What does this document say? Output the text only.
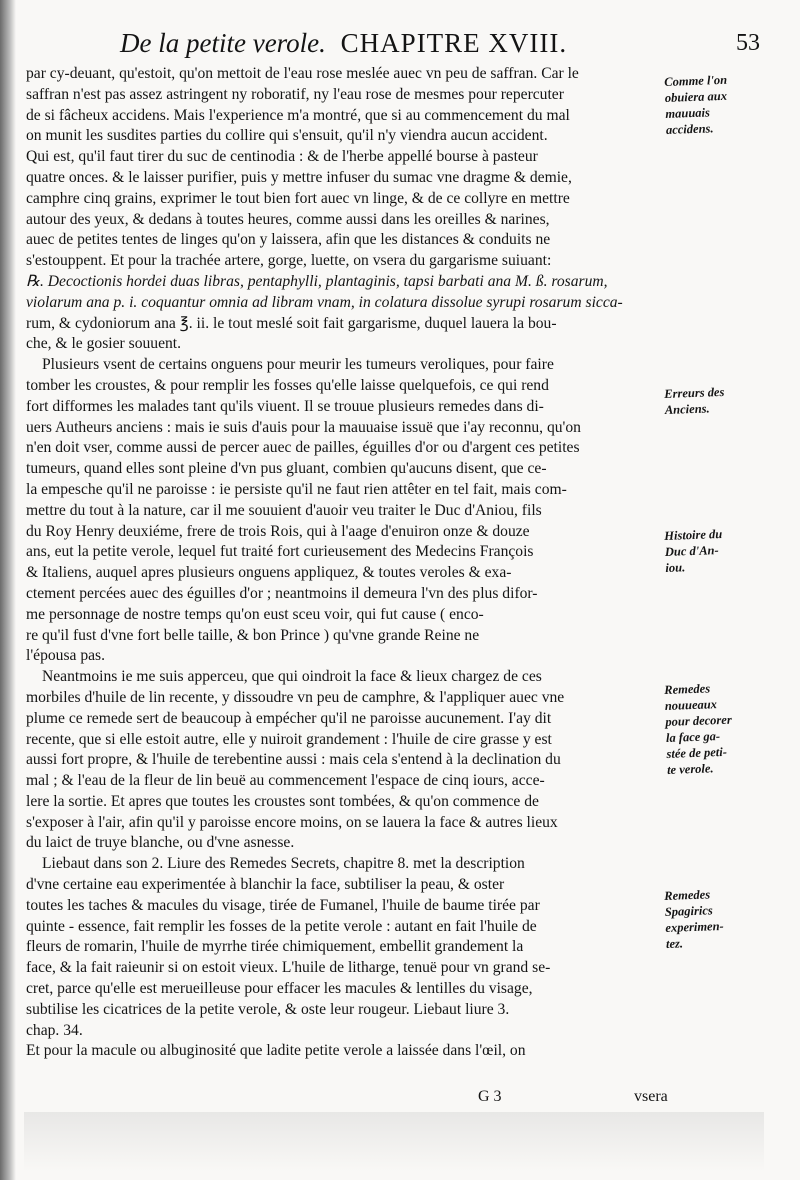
De la petite verole. CHAPITRE XVIII.	53

par cy-deuant, qu'estoit, qu'on mettoit de l'eau rose meslée auec vn peu de saffran. Car le
saffran n'est pas assez astringent ny roboratif, ny l'eau rose de mesmes pour repercuter
de si fâcheux accidens. Mais l'experience m'a montré, que si au commencement du mal
on munit les susdites parties du collire qui s'ensuit, qu'il n'y viendra aucun accident.
Qui est, qu'il faut tirer du suc de centinodia : & de l'herbe appellé bourse à pasteur
quatre onces. & le laisser purifier, puis y mettre infuser du sumac vne dragme & demie,
camphre cinq grains, exprimer le tout bien fort auec vn linge, & de ce collyre en mettre
autour des yeux, & dedans à toutes heures, comme aussi dans les oreilles & narines,
auec de petites tentes de linges qu'on y laissera, afin que les distances & conduits ne
s'estouppent. Et pour la trachée artere, gorge, luette, on vsera du gargarisme suiuant:
℞. Decoctionis hordei duas libras, pentaphylli, plantaginis, tapsi barbati ana M. ß. rosarum,
violarum ana p. i. coquantur omnia ad libram vnam, in colatura dissolue syrupi rosarum sicca-
rum, & cydoniorum ana ℥. ii. le tout meslé soit fait gargarisme, duquel lauera la bou-
che, & le gosier souuent.

Plusieurs vsent de certains onguens pour meurir les tumeurs veroliques, pour faire
tomber les croustes, & pour remplir les fosses qu'elle laisse quelquefois, ce qui rend
fort difformes les malades tant qu'ils viuent. Il se trouue plusieurs remedes dans di-
uers Autheurs anciens : mais ie suis d'auis pour la mauuaise issuë que i'ay reconnu, qu'on
n'en doit vser, comme aussi de percer auec de pailles, éguilles d'or ou d'argent ces petites
tumeurs, quand elles sont pleine d'vn pus gluant, combien qu'aucuns disent, que ce-
la empesche qu'il ne paroisse : ie persiste qu'il ne faut rien attêter en tel fait, mais com-
mettre du tout à la nature, car il me souuient d'auoir veu traiter le Duc d'Aniou, fils
du Roy Henry deuxiéme, frere de trois Rois, qui à l'aage d'enuiron onze & douze
ans, eut la petite verole, lequel fut traité fort curieusement des Medecins François
& Italiens, auquel apres plusieurs onguens appliquez, & toutes veroles & exa-
ctement percées auec des éguilles d'or ; neantmoins il demeura l'vn des plus difor-
me personnage de nostre temps qu'on eust sceu voir, qui fut cause ( enco-
re qu'il fust d'vne fort belle taille, & bon Prince ) qu'vne grande Reine ne
l'épousa pas.

Neantmoins ie me suis apperceu, que qui oindroit la face & lieux chargez de ces
morbiles d'huile de lin recente, y dissoudre vn peu de camphre, & l'appliquer auec vne
plume ce remede sert de beaucoup à empécher qu'il ne paroisse aucunement. I'ay dit
recente, que si elle estoit autre, elle y nuiroit grandement : l'huile de cire grasse y est
aussi fort propre, & l'huile de terebentine aussi : mais cela s'entend à la declination du
mal ; & l'eau de la fleur de lin beuë au commencement l'espace de cinq iours, acce-
lere la sortie. Et apres que toutes les croustes sont tombées, & qu'on commence de
s'exposer à l'air, afin qu'il y paroisse encore moins, on se lauera la face & autres lieux
du laict de truye blanche, ou d'vne asnesse.

Liebaut dans son 2. Liure des Remedes Secrets, chapitre 8. met la description
d'vne certaine eau experimentée à blanchir la face, subtiliser la peau, & oster
toutes les taches & macules du visage, tirée de Fumanel, l'huile de baume tirée par
quinte - essence, fait remplir les fosses de la petite verole : autant en fait l'huile de
fleurs de romarin, l'huile de myrrhe tirée chimiquement, embellit grandement la
face, & la fait raieunir si on estoit vieux. L'huile de litharge, tenuë pour vn grand se-
cret, parce qu'elle est merueilleuse pour effacer les macules & lentilles du visage,
subtilise les cicatrices de la petite verole, & oste leur rougeur. Liebaut liure 3.
chap. 34.
Et pour la macule ou albuginosité que ladite petite verole a laissée dans l'œil, on

Comme l'on
obuiera aux
mauuais
accidens.
Erreurs des
Anciens.
Histoire du
Duc d'An-
iou.
Remedes
nouueaux
pour decorer
la face ga-
stée de peti-
te verole.
Remedes
Spagirics
experimen-
tez.
G 3	vsera
